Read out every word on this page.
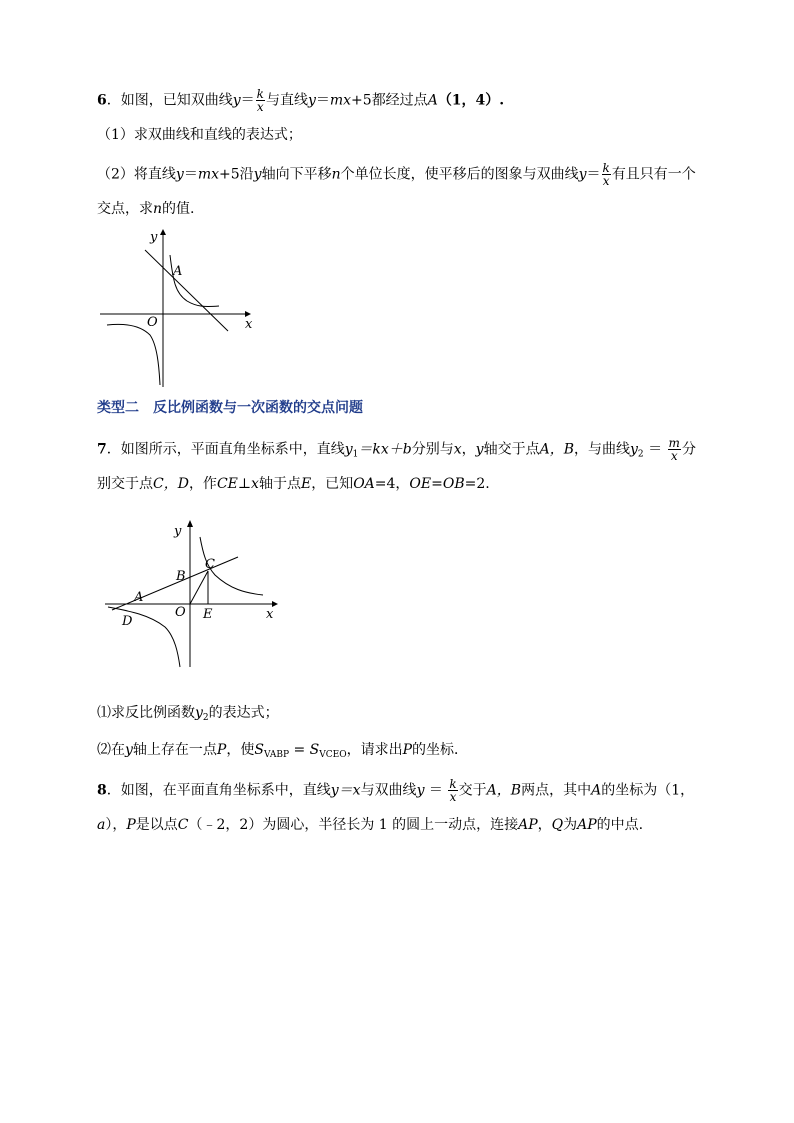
6．如图，已知双曲线$y= \frac{k}{x}$ 与直线y＝mx+5都经过点A（1，4）.
（1）求双曲线和直线的表达式；
（2）将直线y＝mx+5沿y轴向下平移n个单位长度，使平移后的图象与双曲线$y= \frac{k}{x}$ 有且只有一个
交点，求n的值.
y
A
O	x
类型二　反比例函数与一次函数的交点问题
7．如图所示，平面直角坐标系中，直线$y_1=kx+b$分别与x，y轴交于点A，B，与曲线$y_2 = \frac{m}{x}$ 分
别交于点C，D，作CE⊥x轴于点E，已知OA=4，OE=OB=2.
y
C
B
A
D
O E	x
⑴求反比例函数$y_2$的表达式；
⑵在y轴上存在一点P，使$S_{VABP} = S_{VCEO}$，请求出P的坐标．
8．如图，在平面直角坐标系中，直线y＝x与双曲线$y = \frac{k}{x}$ 交于A，B两点，其中A的坐标为（1，
a），P是以点C（﹣2，2）为圆心，半径长为 1 的圆上一动点，连接AP，Q为AP的中点.
